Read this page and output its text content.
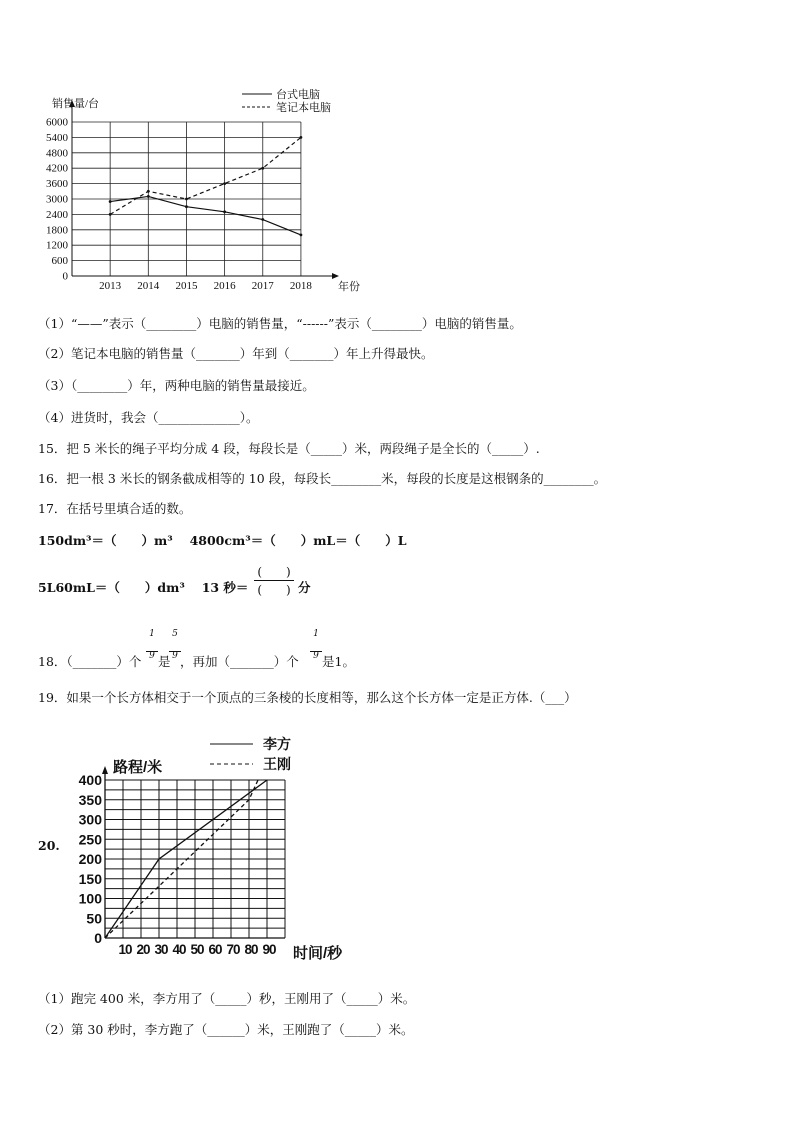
0
600
1200
1800
2400
3000
3600
4200
4800
5400
6000
2013 2014 2015 2016 2017 2018
销售量/台
年份
台式电脑
笔记本电脑
（1）“——”表示（________）电脑的销售量，“------”表示（________）电脑的销售量。
（2）笔记本电脑的销售量（_______）年到（_______）年上升得最快。
（3）（________）年，两种电脑的销售量最接近。
（4）进货时，我会（_____________）。
15．把 5 米长的绳子平均分成 4 段，每段长是（_____）米，两段绳子是全长的（_____）.
16．把一根 3 米长的钢条截成相等的 10 段，每段长________米，每段的长度是这根钢条的________。
17．在括号里填合适的数。
150dm³＝（　　）m³　 4800cm³＝（　　）mL＝（　　）L
5L60mL＝（　　）dm³　 13 秒＝
(　　)
(　　) 分
18．（_______）个
$\frac{1}{9}$
是
$\frac{5}{9}$
，再加（_______）个
$\frac{1}{9}$
是1。
19．如果一个长方体相交于一个顶点的三条棱的长度相等，那么这个长方体一定是正方体.（___）
20.
0
50
100
150
200
250
300
350
400
10 20 30 40 50 60 70 80 90
路程/米
时间/秒
李方
王刚
（1）跑完 400 米，李方用了（_____）秒，王刚用了（_____）米。
（2）第 30 秒时，李方跑了（______）米，王刚跑了（_____）米。
